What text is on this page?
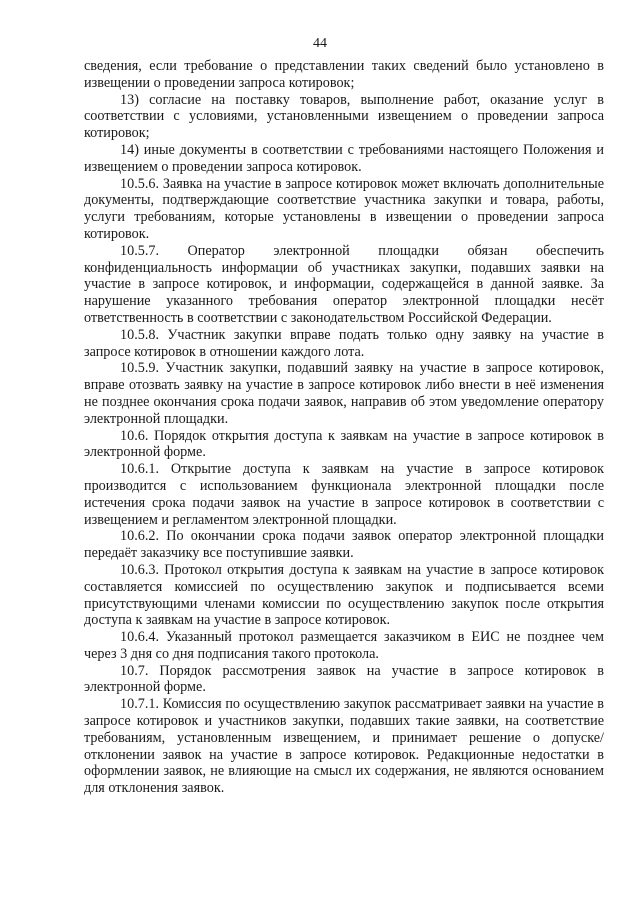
44

сведения, если требование о представлении таких сведений было установлено в извещении о проведении запроса котировок;

13) согласие на поставку товаров, выполнение работ, оказание услуг в соответствии с условиями, установленными извещением о проведении запроса котировок;

14) иные документы в соответствии с требованиями настоящего Положения и извещением о проведении запроса котировок.

10.5.6. Заявка на участие в запросе котировок может включать дополнительные документы, подтверждающие соответствие участника закупки и товара, работы, услуги требованиям, которые установлены в извещении о проведении запроса котировок.

10.5.7. Оператор электронной площадки обязан обеспечить конфиденциальность информации об участниках закупки, подавших заявки на участие в запросе котировок, и информации, содержащейся в данной заявке. За нарушение указанного требования оператор электронной площадки несёт ответственность в соответствии с законодательством Российской Федерации.

10.5.8. Участник закупки вправе подать только одну заявку на участие в запросе котировок в отношении каждого лота.

10.5.9. Участник закупки, подавший заявку на участие в запросе котировок, вправе отозвать заявку на участие в запросе котировок либо внести в неё изменения не позднее окончания срока подачи заявок, направив об этом уведомление оператору электронной площадки.

10.6. Порядок открытия доступа к заявкам на участие в запросе котировок в электронной форме.

10.6.1. Открытие доступа к заявкам на участие в запросе котировок производится с использованием функционала электронной площадки после истечения срока подачи заявок на участие в запросе котировок в соответствии с извещением и регламентом электронной площадки.

10.6.2. По окончании срока подачи заявок оператор электронной площадки передаёт заказчику все поступившие заявки.

10.6.3. Протокол открытия доступа к заявкам на участие в запросе котировок составляется комиссией по осуществлению закупок и подписывается всеми присутствующими членами комиссии по осуществлению закупок после открытия доступа к заявкам на участие в запросе котировок.

10.6.4. Указанный протокол размещается заказчиком в ЕИС не позднее чем через 3 дня со дня подписания такого протокола.

10.7. Порядок рассмотрения заявок на участие в запросе котировок в электронной форме.

10.7.1. Комиссия по осуществлению закупок рассматривает заявки на участие в запросе котировок и участников закупки, подавших такие заявки, на соответствие требованиям, установленным извещением, и принимает решение о допуске/отклонении заявок на участие в запросе котировок. Редакционные недостатки в оформлении заявок, не влияющие на смысл их содержания, не являются основанием для отклонения заявок.
